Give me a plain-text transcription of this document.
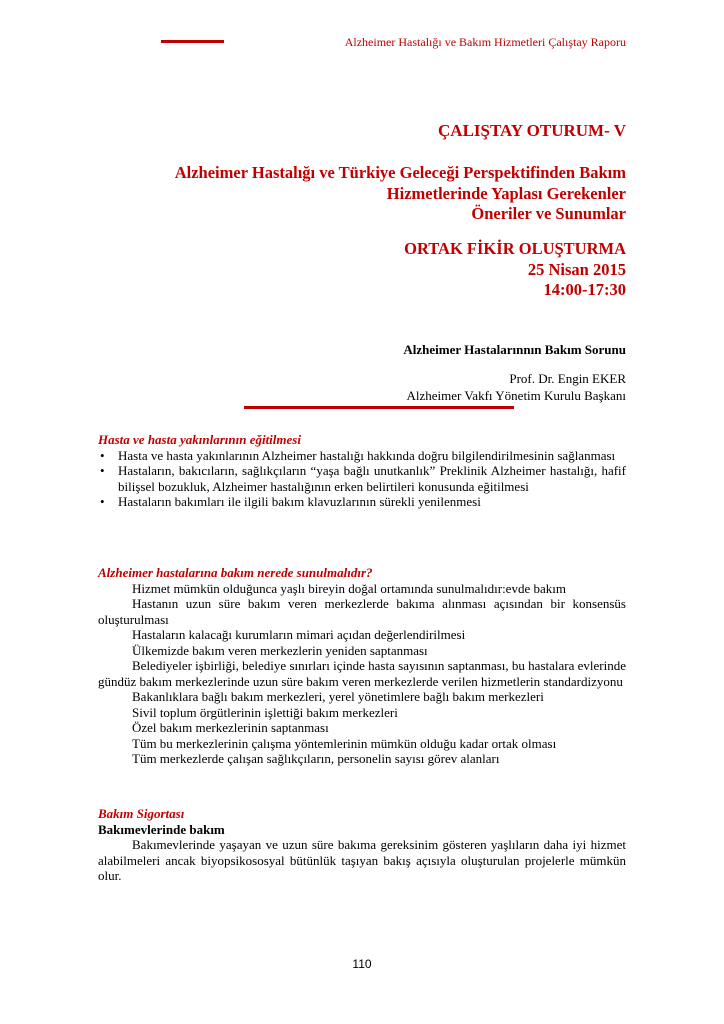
Alzheimer Hastalığı ve Bakım Hizmetleri Çalıştay Raporu
ÇALIŞTAY OTURUM- V
Alzheimer Hastalığı ve Türkiye Geleceği Perspektifinden Bakım
Hizmetlerinde Yaplası Gerekenler
Öneriler ve Sunumlar
ORTAK FİKİR OLUŞTURMA
25 Nisan 2015
14:00-17:30
Alzheimer Hastalarınnın Bakım Sorunu
Prof. Dr. Engin EKER
Alzheimer Vakfı Yönetim Kurulu Başkanı
Hasta ve hasta yakınlarının eğitilmesi
• Hasta ve hasta yakınlarının Alzheimer hastalığı hakkında doğru bilgilendirilmesinin sağlanması
• Hastaların, bakıcıların, sağlıkçıların “yaşa bağlı unutkanlık” Preklinik Alzheimer hastalığı, hafif bilişsel bozukluk, Alzheimer hastalığının erken belirtileri konusunda eğitilmesi
• Hastaların bakımları ile ilgili bakım klavuzlarının sürekli yenilenmesi
Alzheimer hastalarına bakım nerede sunulmalıdır?
Hizmet mümkün olduğunca yaşlı bireyin doğal ortamında sunulmalıdır:evde bakım
Hastanın uzun süre bakım veren merkezlerde bakıma alınması açısından bir konsensüs oluşturulması
Hastaların kalacağı kurumların mimari açıdan değerlendirilmesi
Ülkemizde bakım veren merkezlerin yeniden saptanması
Belediyeler işbirliği, belediye sınırları içinde hasta sayısının saptanması, bu hastalara evlerinde gündüz bakım merkezlerinde uzun süre bakım veren merkezlerde verilen hizmetlerin standardizyonu
Bakanlıklara bağlı bakım merkezleri, yerel yönetimlere bağlı bakım merkezleri
Sivil toplum örgütlerinin işlettiği bakım merkezleri
Özel bakım merkezlerinin saptanması
Tüm bu merkezlerinin çalışma yöntemlerinin mümkün olduğu kadar ortak olması
Tüm merkezlerde çalışan sağlıkçıların, personelin sayısı görev alanları
Bakım Sigortası
Bakımevlerinde bakım
Bakımevlerinde yaşayan ve uzun süre bakıma gereksinim gösteren yaşlıların daha iyi hizmet alabilmeleri ancak biyopsikososyal bütünlük taşıyan bakış açısıyla oluşturulan projelerle mümkün olur.
110
